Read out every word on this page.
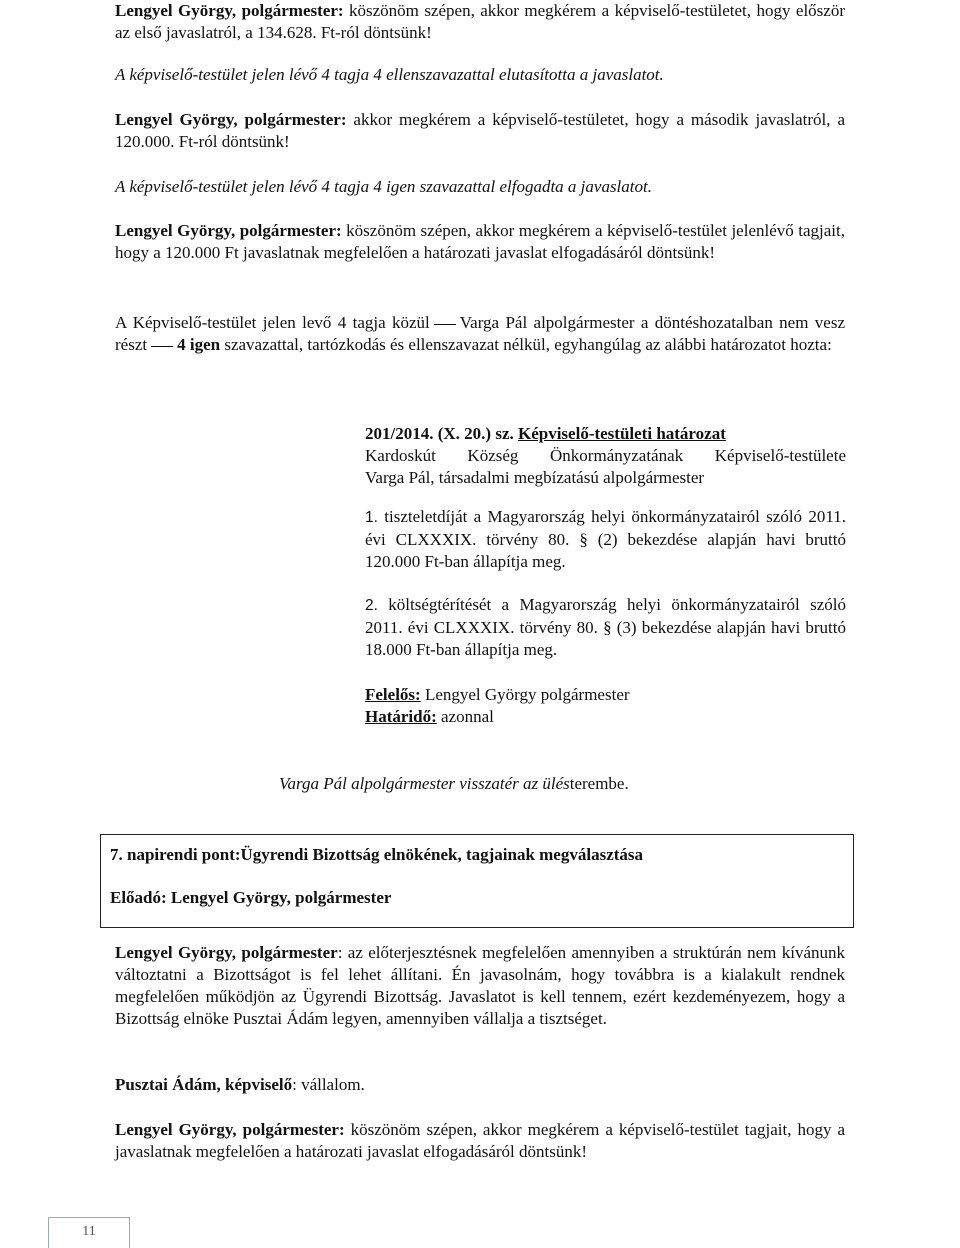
Lengyel György, polgármester: köszönöm szépen, akkor megkérem a képviselő-testületet, hogy először az első javaslatról, a 134.628. Ft-ról döntsünk!

A képviselő-testület jelen lévő 4 tagja 4 ellenszavazattal elutasította a javaslatot.

Lengyel György, polgármester: akkor megkérem a képviselő-testületet, hogy a második javaslatról, a 120.000. Ft-ról döntsünk!

A képviselő-testület jelen lévő 4 tagja 4 igen szavazattal elfogadta a javaslatot.

Lengyel György, polgármester: köszönöm szépen, akkor megkérem a képviselő-testület jelenlévő tagjait, hogy a 120.000 Ft javaslatnak megfelelően a határozati javaslat elfogadásáról döntsünk!

A Képviselő-testület jelen levő 4 tagja közül Varga Pál alpolgármester a döntéshozatalban nem vesz részt 4 igen szavazattal, tartózkodás és ellenszavazat nélkül, egyhangúlag az alábbi határozatot hozta:

201/2014. (X. 20.) sz. Képviselő-testületi határozat

Kardoskút Község Önkormányzatának Képviselő-testülete

Varga Pál, társadalmi megbízatású alpolgármester

1. tiszteletdíját a Magyarország helyi önkormányzatairól szóló 2011. évi CLXXXIX. törvény 80. § (2) bekezdése alapján havi bruttó 120.000 Ft-ban állapítja meg.

2. költségtérítését a Magyarország helyi önkormányzatairól szóló 2011. évi CLXXXIX. törvény 80. § (3) bekezdése alapján havi bruttó 18.000 Ft-ban állapítja meg.

Felelős: Lengyel György polgármester

Határidő: azonnal

Varga Pál alpolgármester visszatér az ülésterembe.

7. napirendi pont:Ügyrendi Bizottság elnökének, tagjainak megválasztása

Előadó: Lengyel György, polgármester

Lengyel György, polgármester: az előterjesztésnek megfelelően amennyiben a struktúrán nem kívánunk változtatni a Bizottságot is fel lehet állítani. Én javasolnám, hogy továbbra is a kialakult rendnek megfelelően működjön az Ügyrendi Bizottság. Javaslatot is kell tennem, ezért kezdeményezem, hogy a Bizottság elnöke Pusztai Ádám legyen, amennyiben vállalja a tisztséget.

Pusztai Ádám, képviselő: vállalom.

Lengyel György, polgármester: köszönöm szépen, akkor megkérem a képviselő-testület tagjait, hogy a javaslatnak megfelelően a határozati javaslat elfogadásáról döntsünk!

11
